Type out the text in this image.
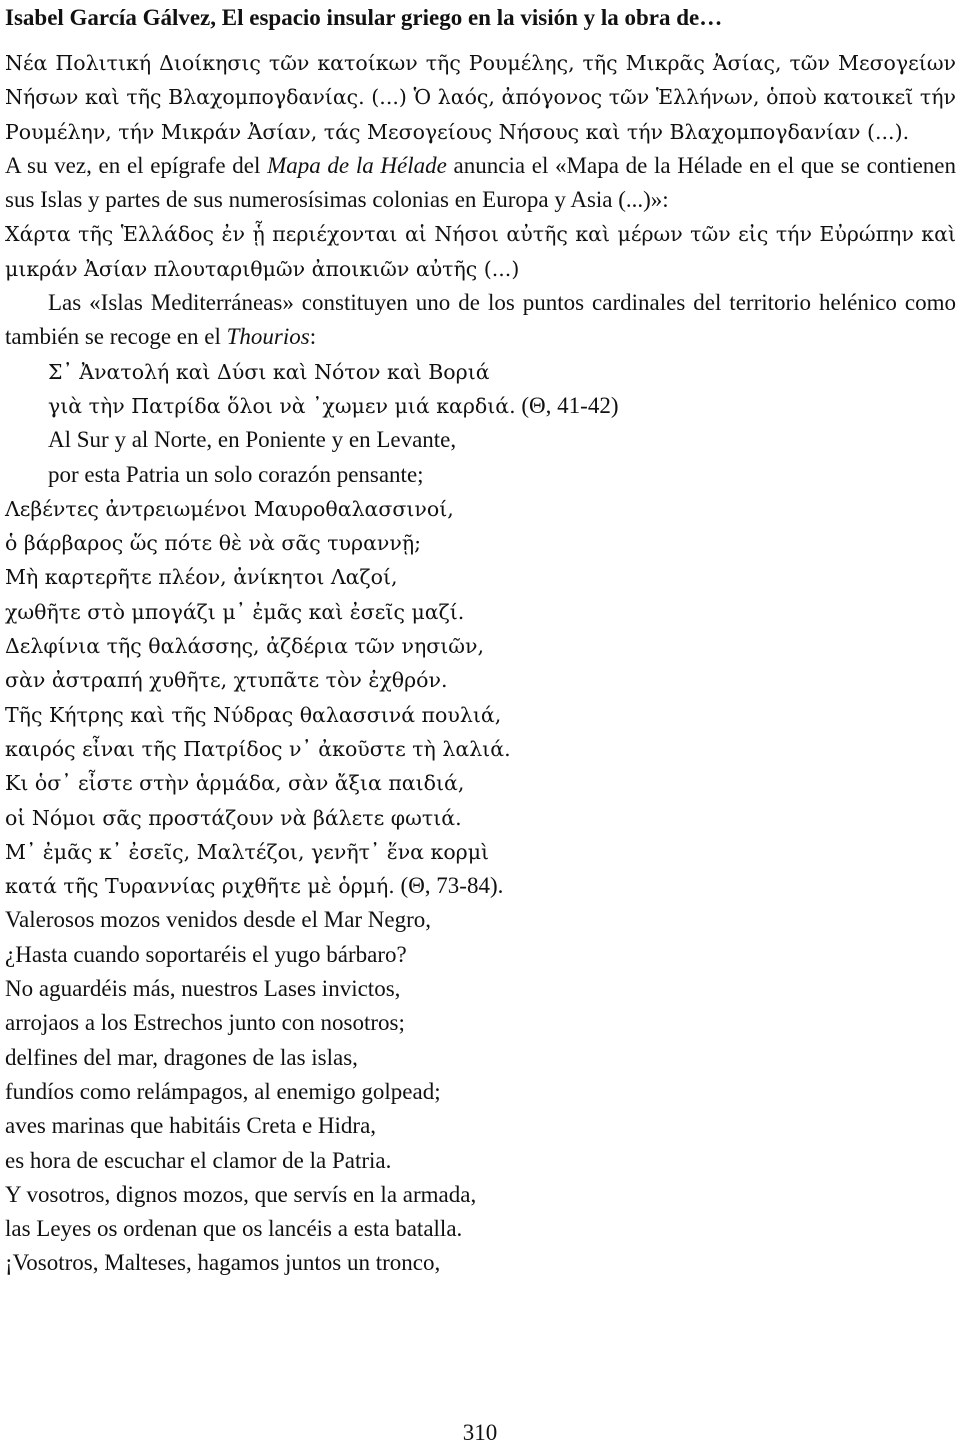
Isabel García Gálvez, El espacio insular griego en la visión y la obra de…

Νέα Πολιτική Διοίκησις τῶν κατοίκων τῆς Ρουμέλης, τῆς Μικρᾶς Ἀσίας, τῶν Μεσογείων Νήσων καὶ τῆς Βλαχομπογδανίας. (...) Ὁ λαός, ἀπόγονος τῶν Ἑλλήνων, ὁποὺ κατοικεῖ τήν Ρουμέλην, τήν Μικράν Ἀσίαν, τάς Μεσογείους Νήσους καὶ τήν Βλαχομπογδανίαν (...).

A su vez, en el epígrafe del Mapa de la Hélade anuncia el «Mapa de la Hélade en el que se contienen sus Islas y partes de sus numerosísimas colonias en Europa y Asia (...)»:

Χάρτα τῆς Ἑλλάδος ἐν ᾗ περιέχονται αἱ Νήσοι αὐτῆς καὶ μέρων τῶν εἰς τήν Εὐρώπην καὶ μικράν Ἀσίαν πλουταριθμῶν ἀποικιῶν αὐτῆς (...)

Las «Islas Mediterráneas» constituyen uno de los puntos cardinales del territorio helénico como también se recoge en el Thourios:

Σ᾽ Ἀνατολή καὶ Δύσι καὶ Νότον καὶ Βοριά

γιὰ τὴν Πατρίδα ὅλοι νὰ ᾽χωμεν μιά καρδιά. (Θ, 41-42)

Al Sur y al Norte, en Poniente y en Levante,

por esta Patria un solo corazón pensante;

Λεβέντες ἀντρειωμένοι Μαυροθαλασσινοί,

ὁ βάρβαρος ὥς πότε θὲ νὰ σᾶς τυραννῇ;

Μὴ καρτερῆτε πλέον, ἀνίκητοι Λαζοί,

χωθῆτε στὸ μπογάζι μ᾽ ἐμᾶς καὶ ἐσεῖς μαζί.

Δελφίνια τῆς θαλάσσης, ἀζδέρια τῶν νησιῶν,

σὰν ἀστραπή χυθῆτε, χτυπᾶτε τὸν ἐχθρόν.

Τῆς Κήτρης καὶ τῆς Νύδρας θαλασσινά πουλιά,

καιρός εἶναι τῆς Πατρίδος ν᾽ ἀκοῦστε τὴ λαλιά.

Κι ὁσ᾽ εἶστε στὴν ἁρμάδα, σὰν ἄξια παιδιά,

οἱ Νόμοι σᾶς προστάζουν νὰ βάλετε φωτιά.

Μ᾽ ἐμᾶς κ᾽ ἐσεῖς, Μαλτέζοι, γενῆτ᾽ ἕνα κορμὶ

κατά τῆς Τυραννίας ριχθῆτε μὲ ὁρμή. (Θ, 73-84).

Valerosos mozos venidos desde el Mar Negro,

¿Hasta cuando soportaréis el yugo bárbaro?

No aguardéis más, nuestros Lases invictos,

arrojaos a los Estrechos junto con nosotros;

delfines del mar, dragones de las islas,

fundíos como relámpagos, al enemigo golpead;

aves marinas que habitáis Creta e Hidra,

es hora de escuchar el clamor de la Patria.

Y vosotros, dignos mozos, que servís en la armada,

las Leyes os ordenan que os lancéis a esta batalla.

¡Vosotros, Malteses, hagamos juntos un tronco,

310
